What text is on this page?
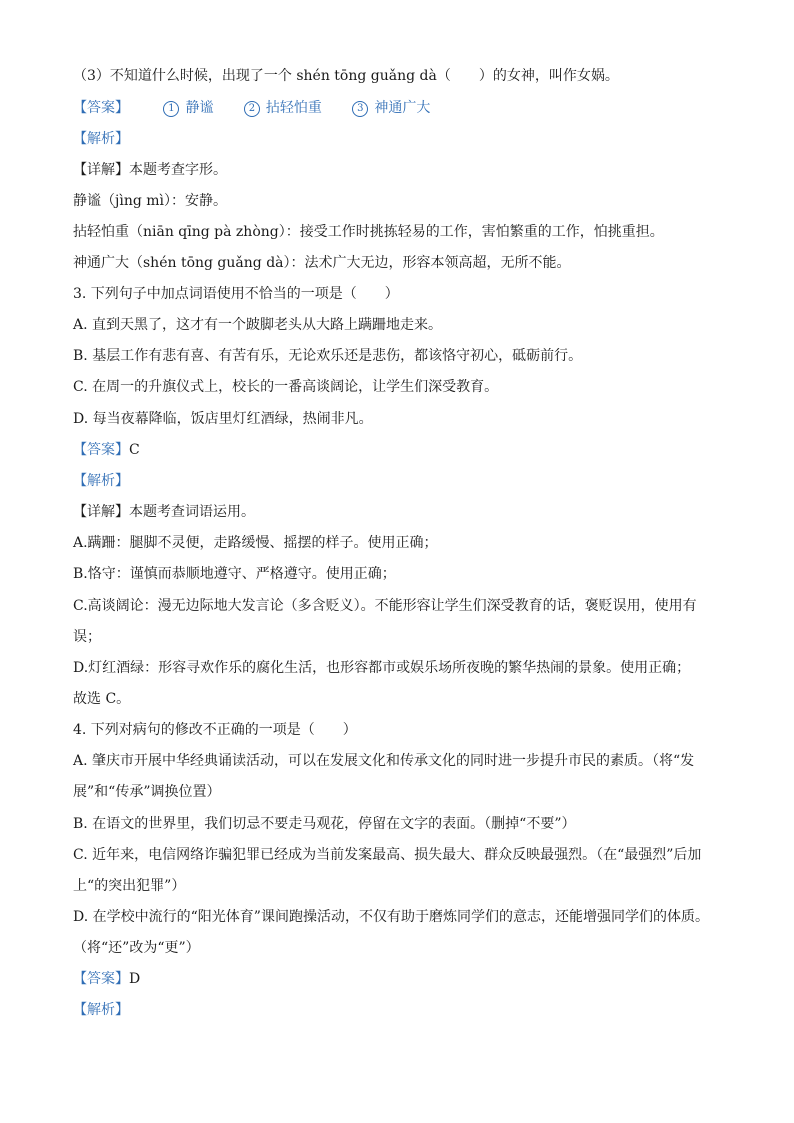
（3）不知道什么时候，出现了一个 shén tōng guǎng dà（　　）的女神，叫作女娲。
【答案】	1 静谧	2 拈轻怕重	3 神通广大
【解析】
【详解】本题考查字形。
静谧（jìng mì）：安静。
拈轻怕重（niān qīng pà zhòng）：接受工作时挑拣轻易的工作，害怕繁重的工作，怕挑重担。
神通广大（shén tōng guǎng dà）：法术广大无边，形容本领高超，无所不能。
3. 下列句子中加点词语使用不恰当的一项是（　　）
A. 直到天黑了，这才有一个跛脚老头从大路上蹒跚地走来。
B. 基层工作有悲有喜、有苦有乐，无论欢乐还是悲伤，都该恪守初心，砥砺前行。
C. 在周一的升旗仪式上，校长的一番高谈阔论，让学生们深受教育。
D. 每当夜幕降临，饭店里灯红酒绿，热闹非凡。
【答案】C
【解析】
【详解】本题考查词语运用。
A.蹒跚：腿脚不灵便，走路缓慢、摇摆的样子。使用正确；
B.恪守：谨慎而恭顺地遵守、严格遵守。使用正确；
C.高谈阔论：漫无边际地大发言论（多含贬义）。不能形容让学生们深受教育的话，褒贬误用，使用有
误；
D.灯红酒绿：形容寻欢作乐的腐化生活，也形容都市或娱乐场所夜晚的繁华热闹的景象。使用正确；
故选 C。
4. 下列对病句的修改不正确的一项是（　　）
A. 肇庆市开展中华经典诵读活动，可以在发展文化和传承文化的同时进一步提升市民的素质。（将“发
展”和“传承”调换位置）
B. 在语文的世界里，我们切忌不要走马观花，停留在文字的表面。（删掉“不要”）
C. 近年来，电信网络诈骗犯罪已经成为当前发案最高、损失最大、群众反映最强烈。（在“最强烈”后加
上“的突出犯罪”）
D. 在学校中流行的“阳光体育”课间跑操活动，不仅有助于磨炼同学们的意志，还能增强同学们的体质。
（将“还”改为“更”）
【答案】D
【解析】
